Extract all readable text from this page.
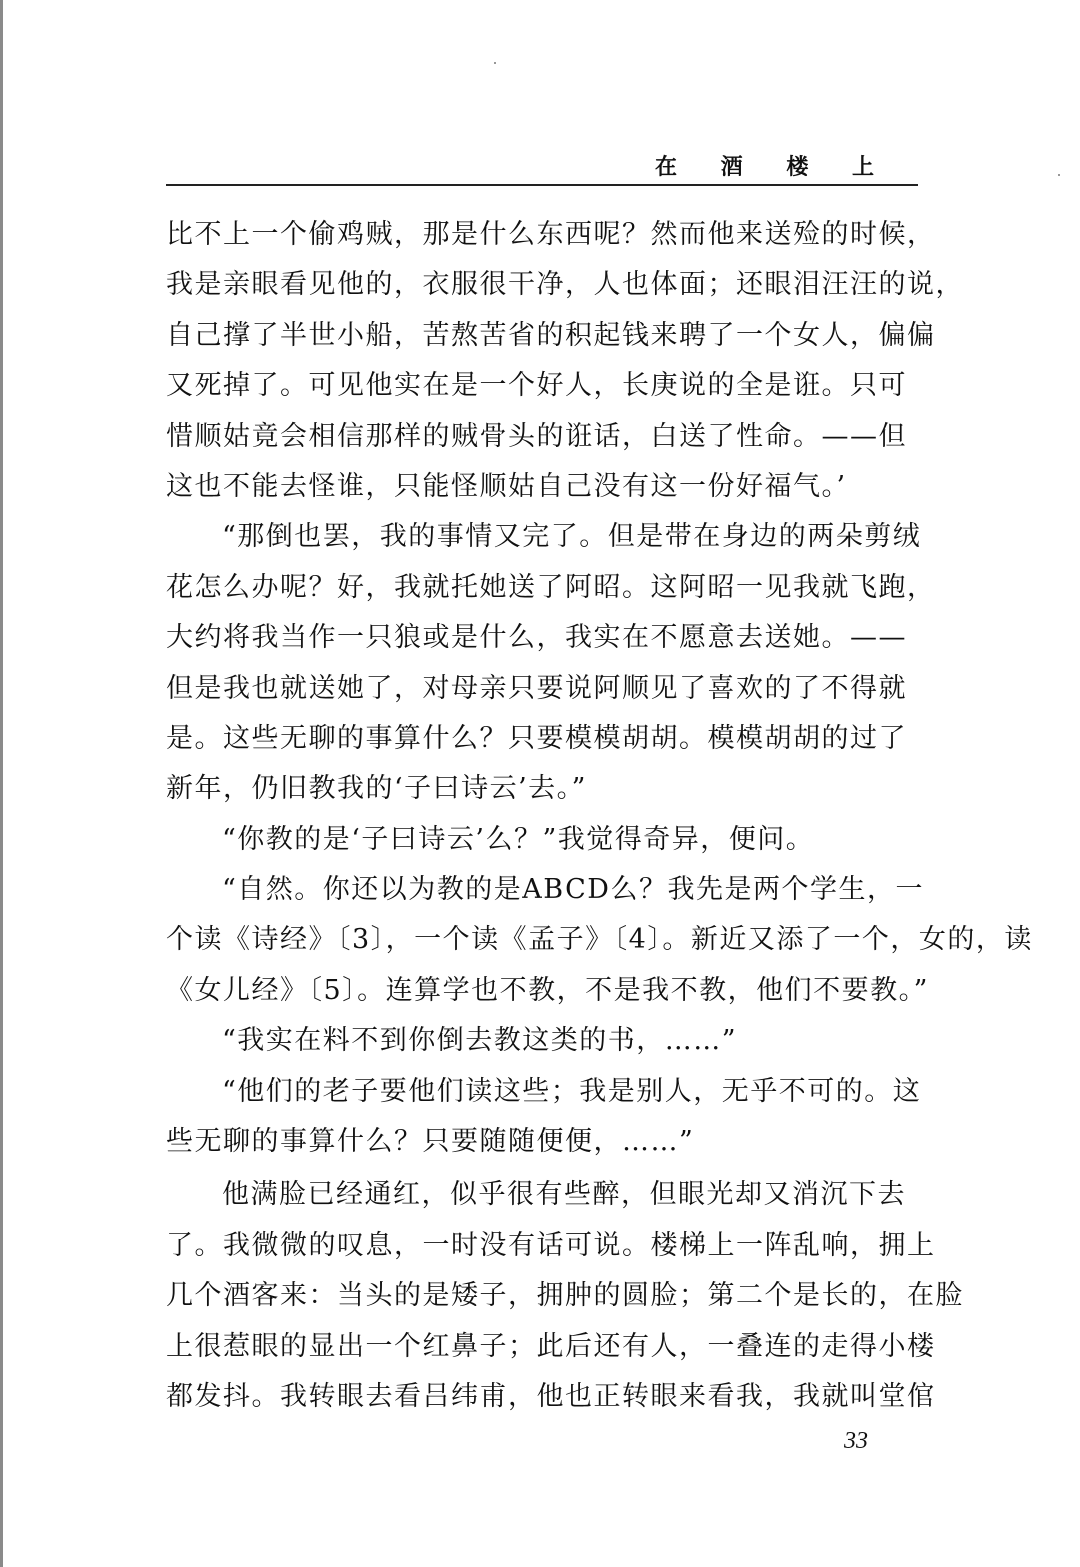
在 酒 楼 上
比不上一个偷鸡贼，那是什么东西呢？然而他来送殓的时候，
我是亲眼看见他的，衣服很干净，人也体面；还眼泪汪汪的说，
自己撑了半世小船，苦熬苦省的积起钱来聘了一个女人，偏偏
又死掉了。可见他实在是一个好人，长庚说的全是诳。只可
惜顺姑竟会相信那样的贼骨头的诳话，白送了性命。——但
这也不能去怪谁，只能怪顺姑自己没有这一份好福气。’
“那倒也罢，我的事情又完了。但是带在身边的两朵剪绒
花怎么办呢？好，我就托她送了阿昭。这阿昭一见我就飞跑，
大约将我当作一只狼或是什么，我实在不愿意去送她。——
但是我也就送她了，对母亲只要说阿顺见了喜欢的了不得就
是。这些无聊的事算什么？只要模模胡胡。模模胡胡的过了
新年，仍旧教我的‘子曰诗云’去。”
“你教的是‘子曰诗云’么？”我觉得奇异，便问。
“自然。你还以为教的是ABCD么？我先是两个学生，一
个读《诗经》〔3〕，一个读《孟子》〔4〕。新近又添了一个，女的，读
《女儿经》〔5〕。连算学也不教，不是我不教，他们不要教。”
“我实在料不到你倒去教这类的书，……”
“他们的老子要他们读这些；我是别人，无乎不可的。这
些无聊的事算什么？只要随随便便，……”
他满脸已经通红，似乎很有些醉，但眼光却又消沉下去
了。我微微的叹息，一时没有话可说。楼梯上一阵乱响，拥上
几个酒客来：当头的是矮子，拥肿的圆脸；第二个是长的，在脸
上很惹眼的显出一个红鼻子；此后还有人，一叠连的走得小楼
都发抖。我转眼去看吕纬甫，他也正转眼来看我，我就叫堂倌
33
